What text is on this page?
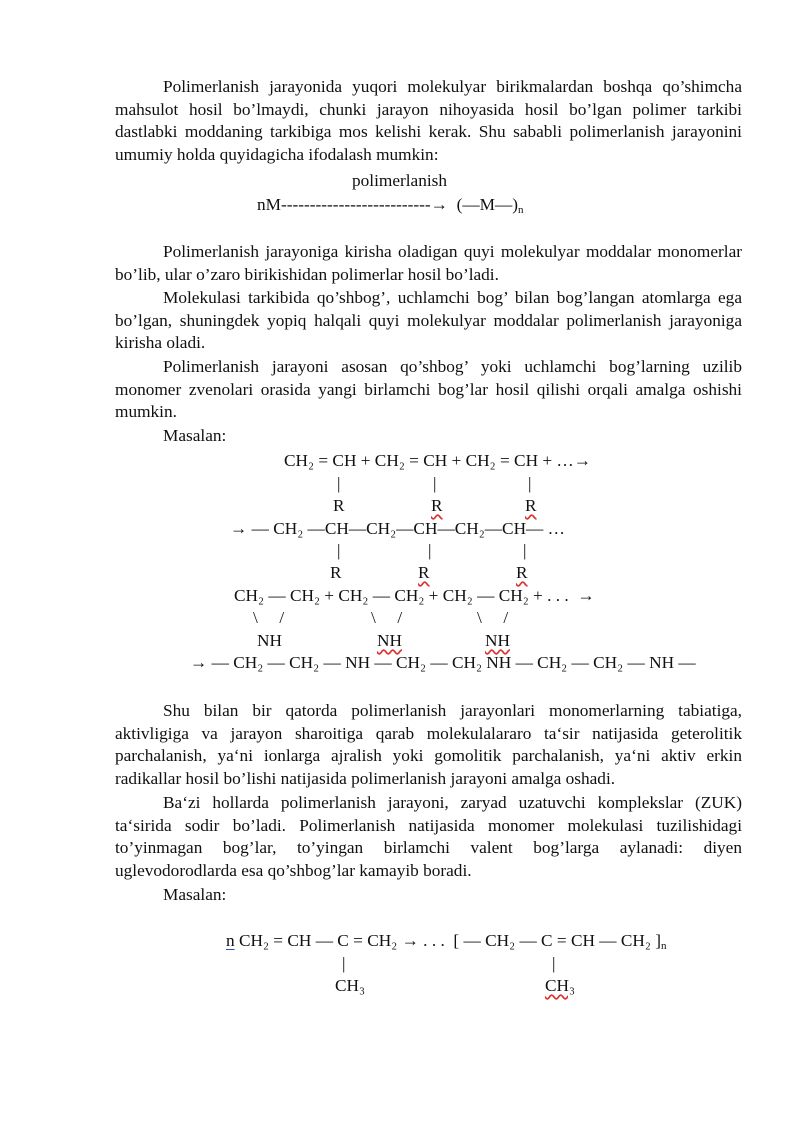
Polimerlanish jarayonida yuqori molekulyar birikmalardan boshqa qo’shimcha mahsulot hosil bo’lmaydi, chunki jarayon nihoyasida hosil bo’lgan polimer tarkibi dastlabki moddaning tarkibiga mos kelishi kerak. Shu sababli polimerlanish jarayonini umumiy holda quyidagicha ifodalash mumkin:

polimerlanish
$nM--------------------------\to (—M—)_n$

Polimerlanish jarayoniga kirisha oladigan quyi molekulyar moddalar monomerlar bo’lib, ular o’zaro birikishidan polimerlar hosil bo’ladi.

Molekulasi tarkibida qo’shbog’, uchlamchi bog’ bilan bog’langan atomlarga ega bo’lgan, shuningdek yopiq halqali quyi molekulyar moddalar polimerlanish jarayoniga kirisha oladi.

Polimerlanish jarayoni asosan qo’shbog’ yoki uchlamchi bog’larning uzilib monomer zvenolari orasida yangi birlamchi bog’lar hosil qilishi orqali amalga oshishi mumkin.

Masalan:

CH₂ = CH + CH₂ = CH + CH₂ = CH + …→
|	|	|
R	R	R
→ — CH₂ —CH—CH₂—CH—CH₂—CH— …
|	|	|
R	R	R
CH₂ — CH₂ + CH₂ — CH₂ + CH₂ — CH₂ + . . .  →
\     /	\     /	\     /
NH	NH	NH
→ — CH₂ — CH₂ — NH — CH₂ — CH₂ NH — CH₂ — CH₂ — NH —

Shu bilan bir qatorda polimerlanish jarayonlari monomerlarning tabiatiga, aktivligiga va jarayon sharoitiga qarab molekulalararo ta‘sir natijasida geterolitik parchalanish, ya‘ni ionlarga ajralish yoki gomolitik parchalanish, ya‘ni aktiv erkin radikallar hosil bo’lishi natijasida polimerlanish jarayoni amalga oshadi.

Ba‘zi hollarda polimerlanish jarayoni, zaryad uzatuvchi komplekslar (ZUK) ta‘sirida sodir bo’ladi. Polimerlanish natijasida monomer molekulasi tuzilishidagi to’yinmagan bog’lar, to’yingan birlamchi valent bog’larga aylanadi: diyen uglevodorodlarda esa qo’shbog’lar kamayib boradi.

Masalan:

n CH₂ = CH — C = CH₂ → . . .  [ — CH₂ — C = CH — CH₂ ]$_n$
|	|
CH₃	CH₃
